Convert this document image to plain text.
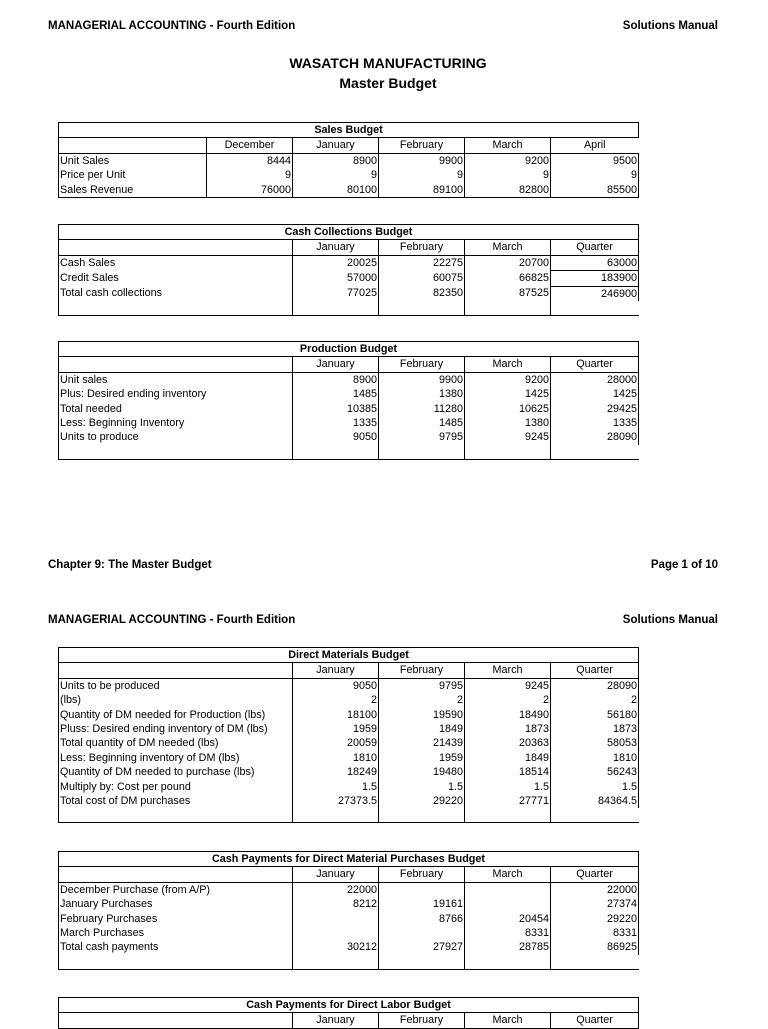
MANAGERIAL ACCOUNTING - Fourth Edition	Solutions Manual
WASATCH MANUFACTURING
Master Budget
Sales Budget					
	December	January	February	March	April
Unit Sales	8444	8900	9900	9200	9500
Price per Unit	9	9	9	9	9
Sales Revenue	76000	80100	89100	82800	85500
Cash Collections Budget				
	January	February	March	Quarter
Cash Sales	20025	22275	20700	63000
Credit Sales	57000	60075	66825	183900
Total cash collections	77025	82350	87525	246900

Production Budget				
	January	February	March	Quarter
Unit sales	8900	9900	9200	28000
Plus: Desired ending inventory	1485	1380	1425	1425
Total needed	10385	11280	10625	29425
Less: Beginning Inventory	1335	1485	1380	1335
Units to produce	9050	9795	9245	28090

Chapter 9: The Master Budget	Page 1 of 10
MANAGERIAL ACCOUNTING - Fourth Edition	Solutions Manual
Direct Materials Budget				
	January	February	March	Quarter
Units to be produced	9050	9795	9245	28090
(lbs)	2	2	2	2
Quantity of DM needed for Production (lbs)	18100	19590	18490	56180
Pluss: Desired ending inventory of DM (lbs)	1959	1849	1873	1873
Total quantity of DM needed (lbs)	20059	21439	20363	58053
Less: Beginning inventory of DM (lbs)	1810	1959	1849	1810
Quantity of DM needed to purchase (lbs)	18249	19480	18514	56243
Multiply by: Cost per pound	1.5	1.5	1.5	1.5
Total cost of DM purchases	27373.5	29220	27771	84364.5

Cash Payments for Direct Material Purchases Budget				
	January	February	March	Quarter
December Purchase (from A/P)	22000			22000
January Purchases	8212	19161		27374
February Purchases		8766	20454	29220
March Purchases			8331	8331
Total cash payments	30212	27927	28785	86925

Cash Payments for Direct Labor Budget
	January	February	March	Quarter
